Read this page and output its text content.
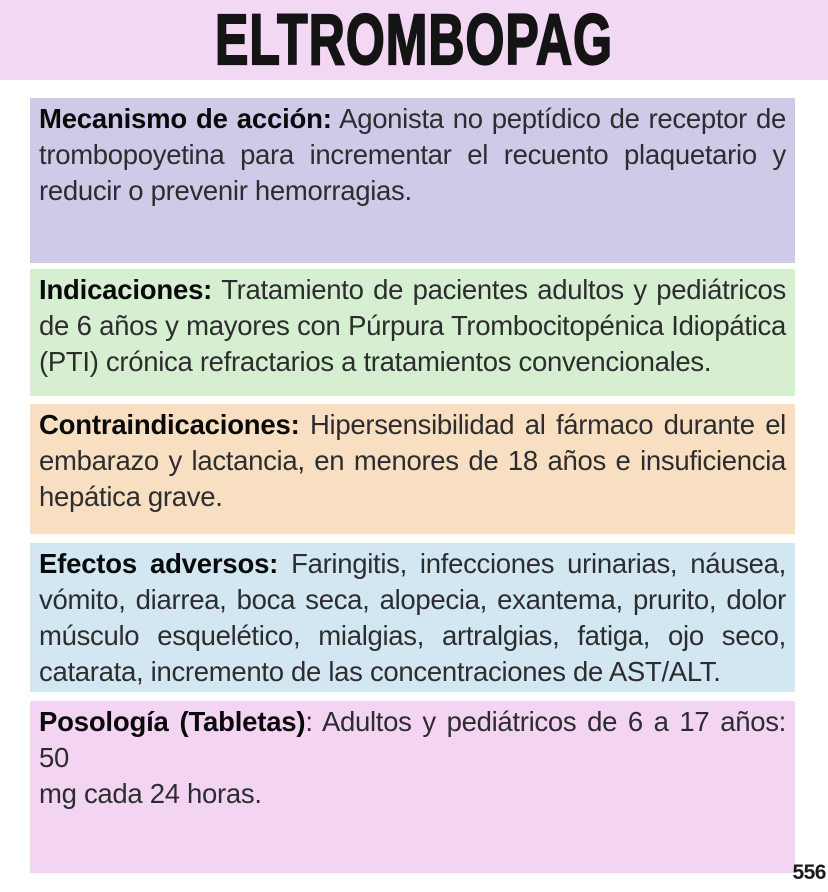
ELTROMBOPAG
Mecanismo de acción: Agonista no peptídico de receptor de
trombopoyetina para incrementar el recuento plaquetario y
reducir o prevenir hemorragias.
Indicaciones: Tratamiento de pacientes adultos y pediátricos
de 6 años y mayores con Púrpura Trombocitopénica Idiopática
(PTI) crónica refractarios a tratamientos convencionales.
Contraindicaciones: Hipersensibilidad al fármaco durante el
embarazo y lactancia, en menores de 18 años e insuficiencia
hepática grave.
Efectos adversos: Faringitis, infecciones urinarias, náusea,
vómito, diarrea, boca seca, alopecia, exantema, prurito, dolor
músculo esquelético, mialgias, artralgias, fatiga, ojo seco,
catarata, incremento de las concentraciones de AST/ALT.
Posología (Tabletas): Adultos y pediátricos de 6 a 17 años: 50
mg cada 24 horas.
556
